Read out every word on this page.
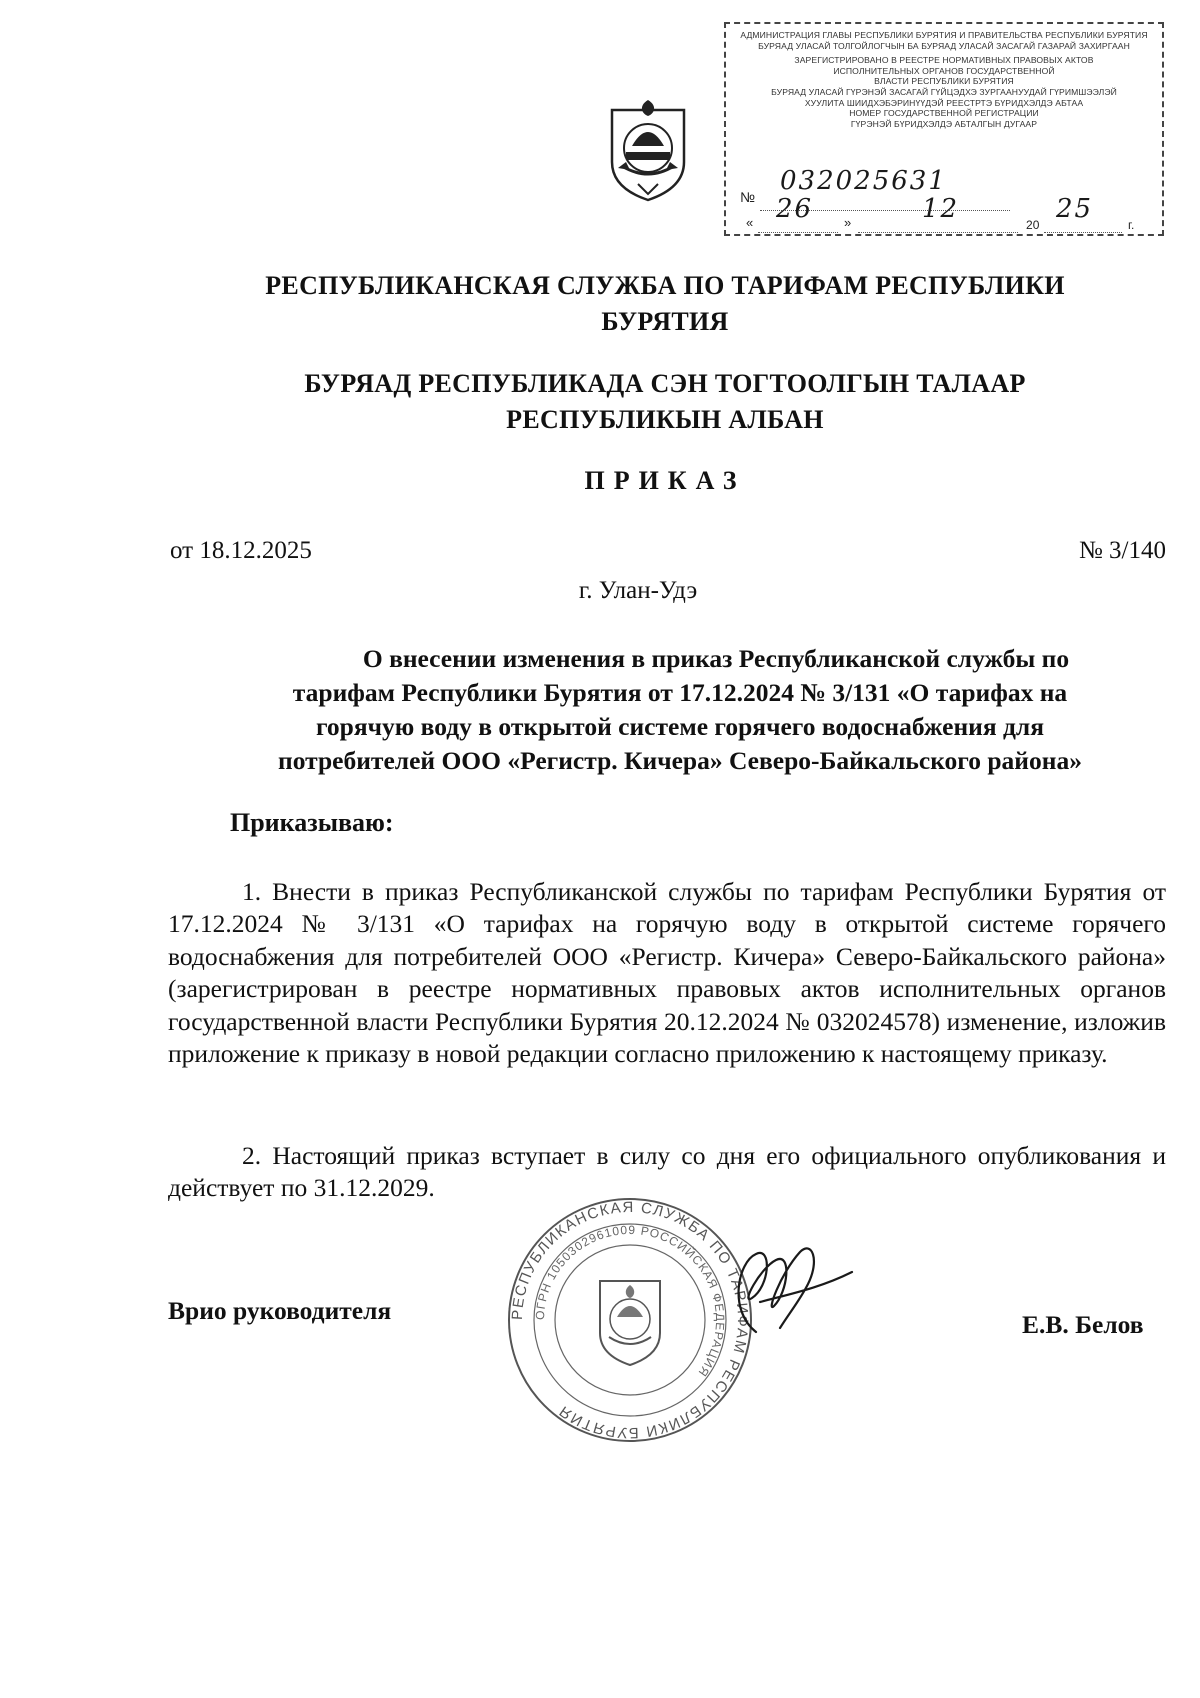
АДМИНИСТРАЦИЯ ГЛАВЫ РЕСПУБЛИКИ БУРЯТИЯ И ПРАВИТЕЛЬСТВА РЕСПУБЛИКИ БУРЯТИЯ
БУРЯАД УЛАСАЙ ТОЛГОЙЛОГЧЫН БА БУРЯАД УЛАСАЙ ЗАСАГАЙ ГАЗАРАЙ ЗАХИРГААН
ЗАРЕГИСТРИРОВАНО В РЕЕСТРЕ НОРМАТИВНЫХ ПРАВОВЫХ АКТОВ
ИСПОЛНИТЕЛЬНЫХ ОРГАНОВ ГОСУДАРСТВЕННОЙ
ВЛАСТИ РЕСПУБЛИКИ БУРЯТИЯ
БУРЯАД УЛАСАЙ ГҮРЭНЭЙ ЗАСАГАЙ ГҮЙЦЭДХЭ ЗУРГААНУУДАЙ ГҮРИМШЭЭЛЭЙ
ХУУЛИТА ШИИДХЭБЭРИНҮҮДЭЙ РЕЕСТРТЭ БҮРИДХЭЛДЭ АБТАА
НОМЕР ГОСУДАРСТВЕННОЙ РЕГИСТРАЦИИ
ГҮРЭНЭЙ БҮРИДХЭЛДЭ АБТАЛГЫН ДУГААР
№
032025631
« 26 »	12
20
25
г.
РЕСПУБЛИКАНСКАЯ СЛУЖБА ПО ТАРИФАМ РЕСПУБЛИКИ
БУРЯТИЯ
БУРЯАД РЕСПУБЛИКАДА СЭН ТОГТООЛГЫН ТАЛААР
РЕСПУБЛИКЫН АЛБАН
ПРИКАЗ
от 18.12.2025	№ 3/140
г. Улан-Удэ
О внесении изменения в приказ Республиканской службы по
тарифам Республики Бурятия от 17.12.2024 № 3/131 «О тарифах на
горячую воду в открытой системе горячего водоснабжения для
потребителей ООО «Регистр. Кичера» Северо-Байкальского района»
Приказываю:

1. Внести в приказ Республиканской службы по тарифам Республики Бурятия от 17.12.2024 № 3/131 «О тарифах на горячую воду в открытой системе горячего водоснабжения для потребителей ООО «Регистр. Кичера» Северо-Байкальского района» (зарегистрирован в реестре нормативных правовых актов исполнительных органов государственной власти Республики Бурятия 20.12.2024 № 032024578) изменение, изложив приложение к приказу в новой редакции согласно приложению к настоящему приказу.

2. Настоящий приказ вступает в силу со дня его официального опубликования и действует по 31.12.2029.

РЕСПУБЛИКАНСКАЯ СЛУЖБА ПО ТАРИФАМ РЕСПУБЛИКИ БУРЯТИЯ
ОГРН 1050302961009 РОССИЙСКАЯ ФЕДЕРАЦИЯ
Врио руководителя	Е.В. Белов
